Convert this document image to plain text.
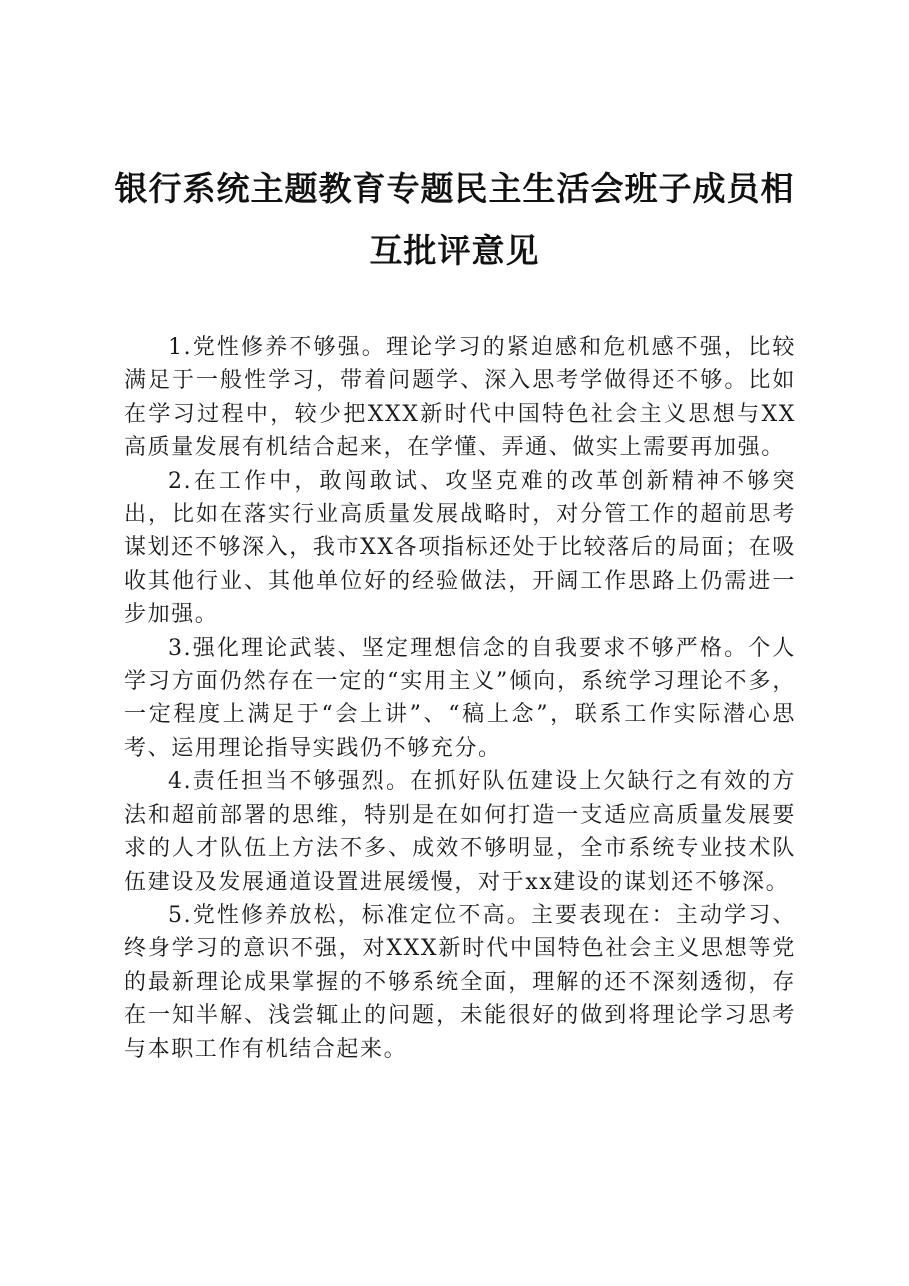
银行系统主题教育专题民主生活会班子成员相互批评意见

1.党性修养不够强。理论学习的紧迫感和危机感不强，比较满足于一般性学习，带着问题学、深入思考学做得还不够。比如在学习过程中，较少把XXX新时代中国特色社会主义思想与XX高质量发展有机结合起来，在学懂、弄通、做实上需要再加强。

2.在工作中，敢闯敢试、攻坚克难的改革创新精神不够突出，比如在落实行业高质量发展战略时，对分管工作的超前思考谋划还不够深入，我市XX各项指标还处于比较落后的局面；在吸收其他行业、其他单位好的经验做法，开阔工作思路上仍需进一步加强。

3.强化理论武装、坚定理想信念的自我要求不够严格。个人学习方面仍然存在一定的“实用主义”倾向，系统学习理论不多，一定程度上满足于“会上讲”、“稿上念”，联系工作实际潜心思考、运用理论指导实践仍不够充分。

4.责任担当不够强烈。在抓好队伍建设上欠缺行之有效的方法和超前部署的思维，特别是在如何打造一支适应高质量发展要求的人才队伍上方法不多、成效不够明显，全市系统专业技术队伍建设及发展通道设置进展缓慢，对于xx建设的谋划还不够深。

5.党性修养放松，标准定位不高。主要表现在：主动学习、终身学习的意识不强，对XXX新时代中国特色社会主义思想等党的最新理论成果掌握的不够系统全面，理解的还不深刻透彻，存在一知半解、浅尝辄止的问题，未能很好的做到将理论学习思考与本职工作有机结合起来。
